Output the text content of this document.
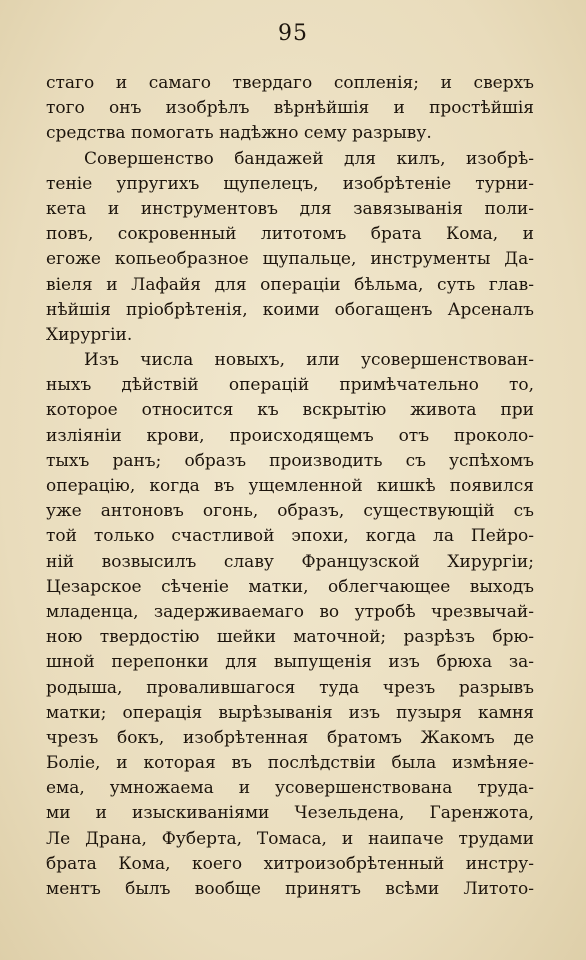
95
стаго и самаго твердаго сопленія; и сверхъ
того онъ изобрѣлъ вѣрнѣйшія и простѣйшія
средства помогать надѣжно сему разрыву.
Совершенство бандажей для килъ, изобрѣ-
теніе упругихъ щупелецъ, изобрѣтеніе турни-
кета и инструментовъ для завязыванія поли-
повъ, сокровенный литотомъ брата Кома, и
егоже копьеобразное щупальце, инструменты Да-
віеля и Лафайя для операціи бѣльма, суть глав-
нѣйшія пріобрѣтенія, коими обогащенъ Арсеналъ
Хирургіи.
Изъ числа новыхъ, или усовершенствован-
ныхъ дѣйствій операцій примѣчательно то,
которое относится къ вскрытію живота при
изліяніи крови, происходящемъ отъ проколо-
тыхъ ранъ; образъ производить съ успѣхомъ
операцію, когда въ ущемленной кишкѣ появился
уже антоновъ огонь, образъ, существующій съ
той только счастливой эпохи, когда ла Пейро-
ній возвысилъ славу Французской Хирургіи;
Цезарское сѣченіе матки, облегчающее выходъ
младенца, задерживаемаго во утробѣ чрезвычай-
ною твердостію шейки маточной; разрѣзъ брю-
шной перепонки для выпущенія изъ брюха за-
родыша, провалившагося туда чрезъ разрывъ
матки; операція вырѣзыванія изъ пузыря камня
чрезъ бокъ, изобрѣтенная братомъ Жакомъ де
Боліе, и которая въ послѣдствіи была измѣняе-
ема, умножаема и усовершенствована труда-
ми и изыскиваніями Чезельдена, Гаренжота,
Ле Драна, Фуберта, Томаса, и наипаче трудами
брата Кома, коего хитроизобрѣтенный инстру-
ментъ былъ вообще принятъ всѣми Литото-
